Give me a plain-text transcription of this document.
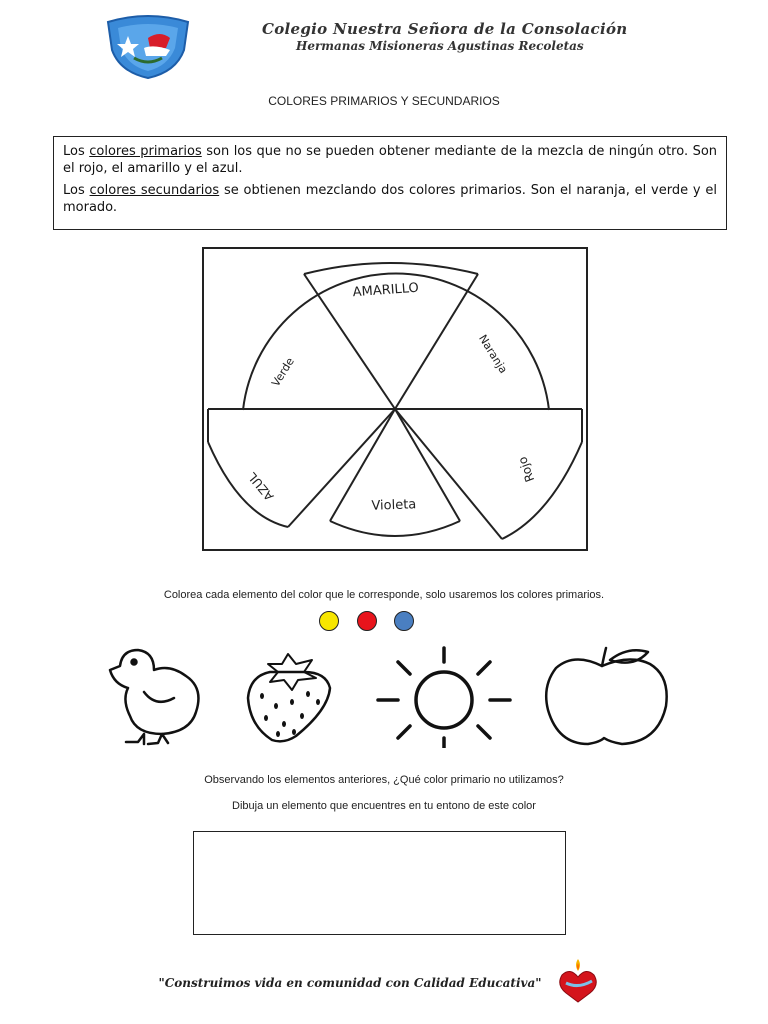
Colegio Nuestra Señora de la Consolación
Hermanas Misioneras Agustinas Recoletas
COLORES PRIMARIOS Y SECUNDARIOS

Los colores primarios son los que no se pueden obtener mediante de la mezcla de ningún otro. Son el rojo, el amarillo y el azul.

Los colores secundarios se obtienen mezclando dos colores primarios. Son el naranja, el verde y el morado.

AMARILLO
Naranja
Rojo
Violeta
AZUL
Verde
Colorea cada elemento del color que le corresponde, solo usaremos los colores primarios.
Observando los elementos anteriores, ¿Qué color primario no utilizamos?
Dibuja un elemento que encuentres en tu entono de este color
"Construimos vida en comunidad con Calidad Educativa"
